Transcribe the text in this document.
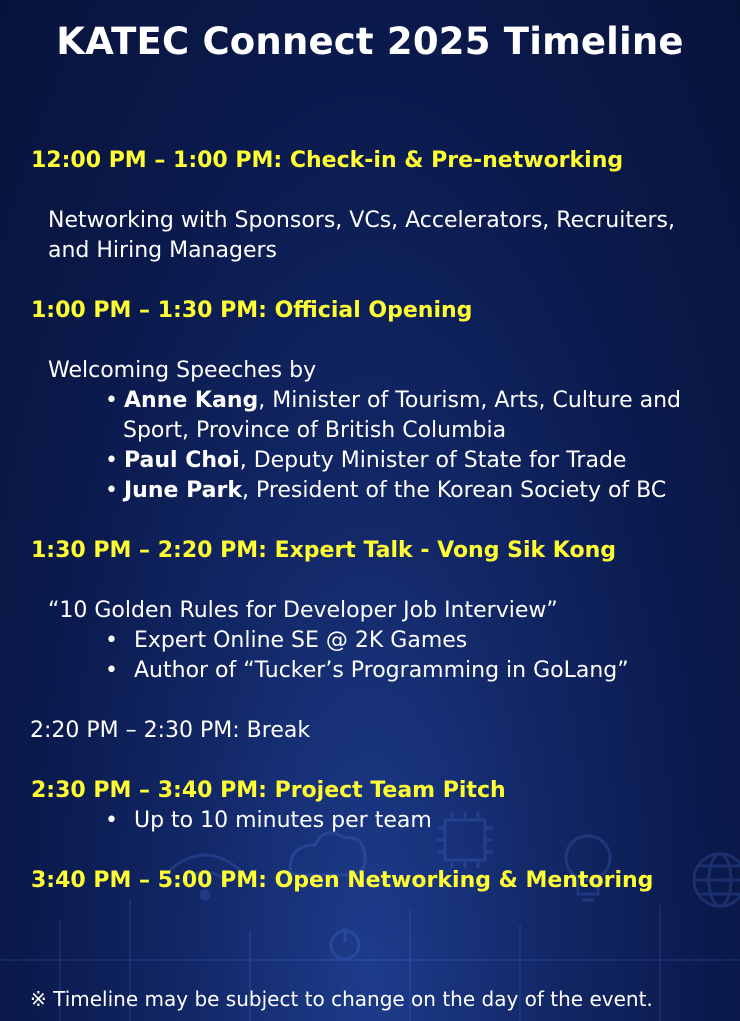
KATEC Connect 2025 Timeline
12:00 PM – 1:00 PM: Check-in & Pre-networking
Networking with Sponsors, VCs, Accelerators, Recruiters,
and Hiring Managers
1:00 PM – 1:30 PM: Official Opening
Welcoming Speeches by
• Anne Kang, Minister of Tourism, Arts, Culture and
Sport, Province of British Columbia
• Paul Choi, Deputy Minister of State for Trade
• June Park, President of the Korean Society of BC
1:30 PM – 2:20 PM: Expert Talk - Vong Sik Kong
“10 Golden Rules for Developer Job Interview”
• Expert Online SE @ 2K Games
• Author of “Tucker’s Programming in GoLang”
2:20 PM – 2:30 PM: Break
2:30 PM – 3:40 PM: Project Team Pitch
• Up to 10 minutes per team
3:40 PM – 5:00 PM: Open Networking & Mentoring
※ Timeline may be subject to change on the day of the event.
